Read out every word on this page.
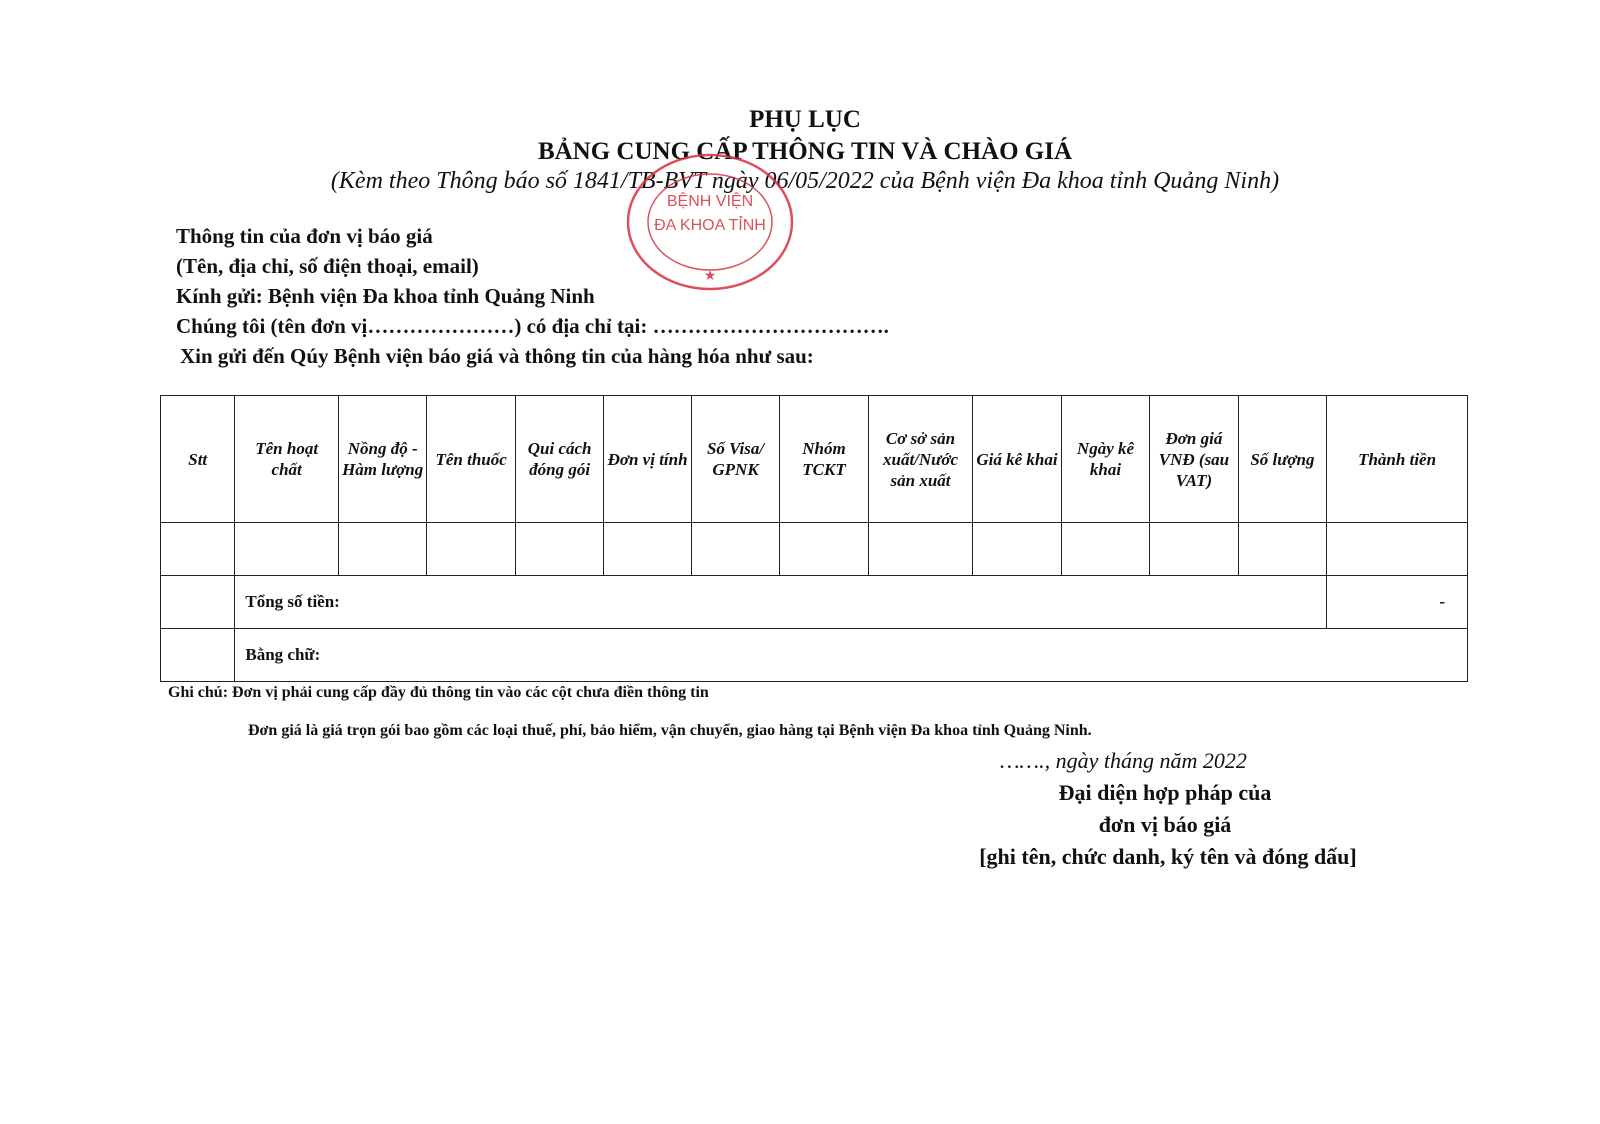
PHỤ LỤC
BẢNG CUNG CẤP THÔNG TIN VÀ CHÀO GIÁ
(Kèm theo Thông báo số 1841/TB-BVT ngày 06/05/2022 của Bệnh viện Đa khoa tỉnh Quảng Ninh)
BỆNH VIỆN
ĐA KHOA TỈNH
★
Thông tin của đơn vị báo giá
(Tên, địa chỉ, số điện thoại, email)
Kính gửi: Bệnh viện Đa khoa tỉnh Quảng Ninh
Chúng tôi (tên đơn vị…………………) có địa chỉ tại: …………………………….
Xin gửi đến Qúy Bệnh viện báo giá và thông tin của hàng hóa như sau:
Stt	Tên hoạt chất	Nồng độ - Hàm lượng	Tên thuốc	Qui cách đóng gói	Đơn vị tính	Số Visa/ GPNK	Nhóm TCKT	Cơ sở sản xuất/Nước sản xuất	Giá kê khai	Ngày kê khai	Đơn giá VNĐ (sau VAT)	Số lượng	Thành tiền

	Tổng số tiền:												-
	Bằng chữ:												
Ghi chú: Đơn vị phải cung cấp đầy đủ thông tin vào các cột chưa điền thông tin
Đơn giá là giá trọn gói bao gồm các loại thuế, phí, bảo hiểm, vận chuyển, giao hàng tại Bệnh viện Đa khoa tỉnh Quảng Ninh.
……., ngày tháng năm 2022
Đại diện hợp pháp của
đơn vị báo giá
[ghi tên, chức danh, ký tên và đóng dấu]
